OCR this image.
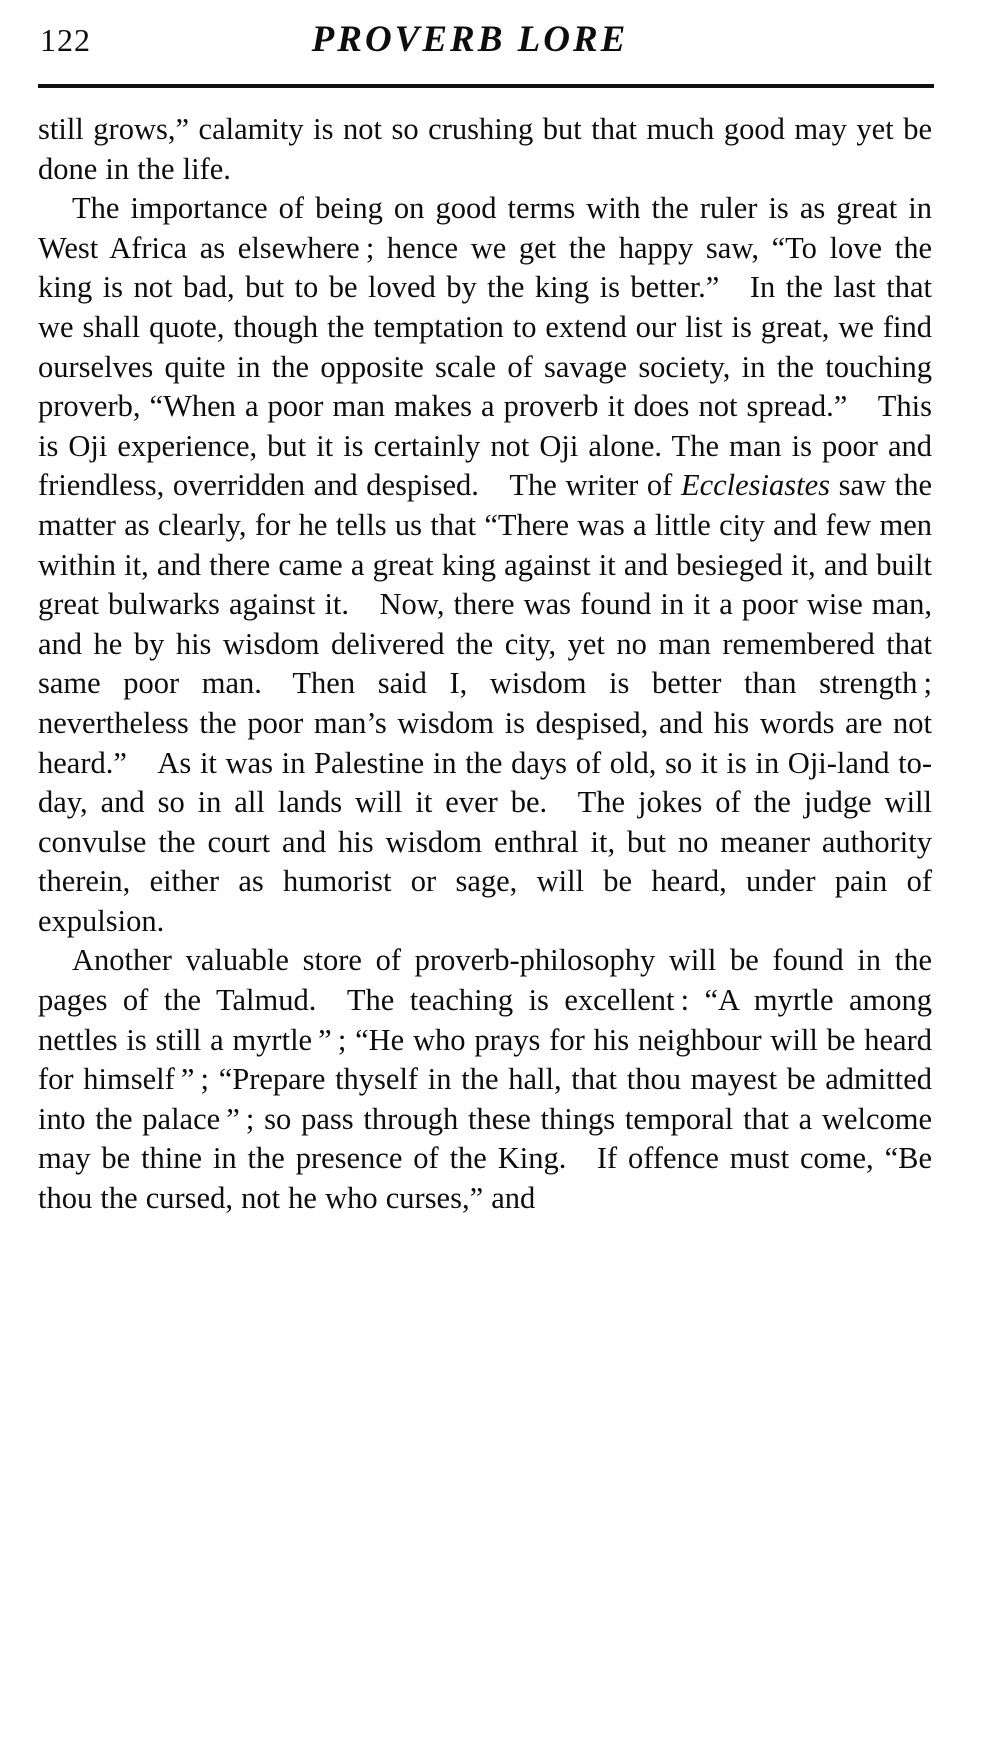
122	PROVERB LORE

still grows,” calamity is not so crushing but that much good may yet be done in the life.

The importance of being on good terms with the ruler is as great in West Africa as elsewhere ; hence we get the happy saw, “To love the king is not bad, but to be loved by the king is better.” In the last that we shall quote, though the temptation to extend our list is great, we find ourselves quite in the opposite scale of savage society, in the touching proverb, “When a poor man makes a proverb it does not spread.” This is Oji experience, but it is certainly not Oji alone. The man is poor and friendless, overridden and despised. The writer of Ecclesiastes saw the matter as clearly, for he tells us that “There was a little city and few men within it, and there came a great king against it and besieged it, and built great bulwarks against it. Now, there was found in it a poor wise man, and he by his wisdom delivered the city, yet no man remembered that same poor man. Then said I, wisdom is better than strength ; nevertheless the poor man’s wisdom is despised, and his words are not heard.” As it was in Palestine in the days of old, so it is in Oji-land to-day, and so in all lands will it ever be. The jokes of the judge will convulse the court and his wisdom enthral it, but no meaner authority therein, either as humorist or sage, will be heard, under pain of expulsion.

Another valuable store of proverb-philosophy will be found in the pages of the Talmud. The teaching is excellent : “A myrtle among nettles is still a myrtle ” ; “He who prays for his neighbour will be heard for himself ” ; “Prepare thyself in the hall, that thou mayest be admitted into the palace ” ; so pass through these things temporal that a welcome may be thine in the presence of the King. If offence must come, “Be thou the cursed, not he who curses,” and
